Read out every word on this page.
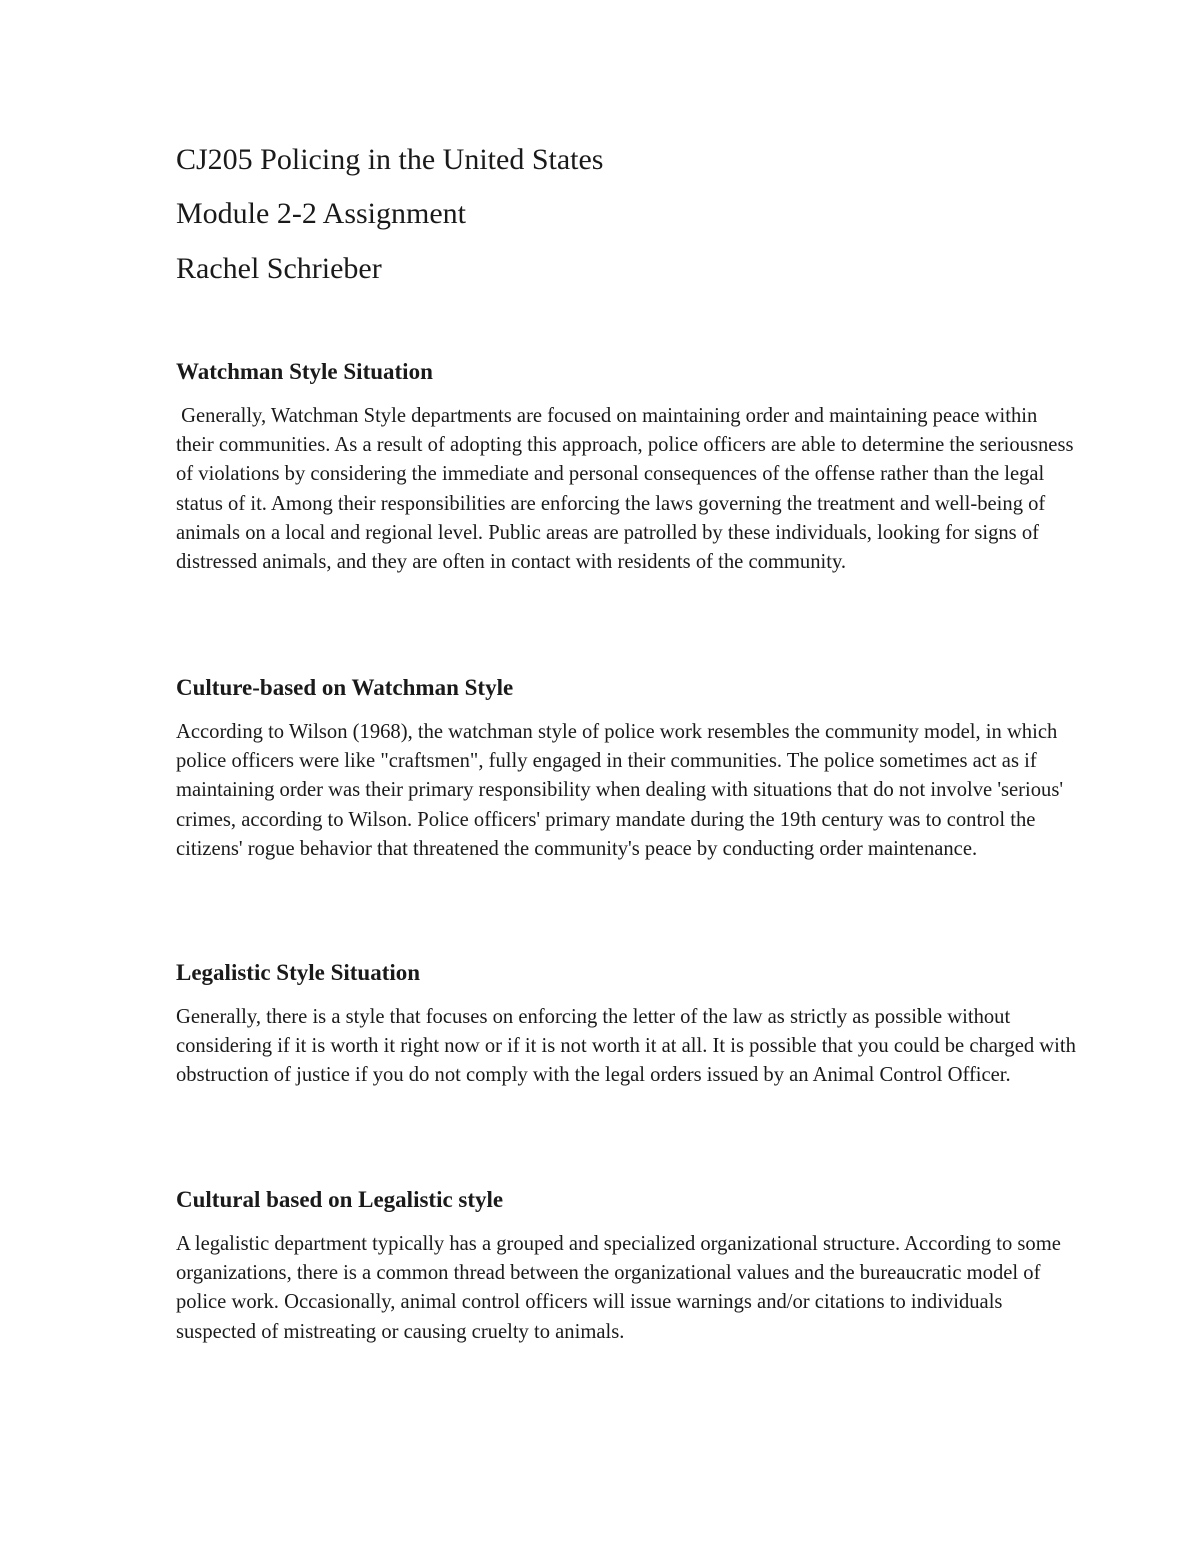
CJ205 Policing in the United States
Module 2-2 Assignment
Rachel Schrieber
Watchman Style Situation

Generally, Watchman Style departments are focused on maintaining order and maintaining peace within their communities. As a result of adopting this approach, police officers are able to determine the seriousness of violations by considering the immediate and personal consequences of the offense rather than the legal status of it. Among their responsibilities are enforcing the laws governing the treatment and well-being of animals on a local and regional level. Public areas are patrolled by these individuals, looking for signs of distressed animals, and they are often in contact with residents of the community.

Culture-based on Watchman Style

According to Wilson (1968), the watchman style of police work resembles the community model, in which police officers were like "craftsmen", fully engaged in their communities. The police sometimes act as if maintaining order was their primary responsibility when dealing with situations that do not involve 'serious' crimes, according to Wilson. Police officers' primary mandate during the 19th century was to control the citizens' rogue behavior that threatened the community's peace by conducting order maintenance.

Legalistic Style Situation

Generally, there is a style that focuses on enforcing the letter of the law as strictly as possible without considering if it is worth it right now or if it is not worth it at all. It is possible that you could be charged with obstruction of justice if you do not comply with the legal orders issued by an Animal Control Officer.

Cultural based on Legalistic style

A legalistic department typically has a grouped and specialized organizational structure. According to some organizations, there is a common thread between the organizational values and the bureaucratic model of police work. Occasionally, animal control officers will issue warnings and/or citations to individuals suspected of mistreating or causing cruelty to animals.
